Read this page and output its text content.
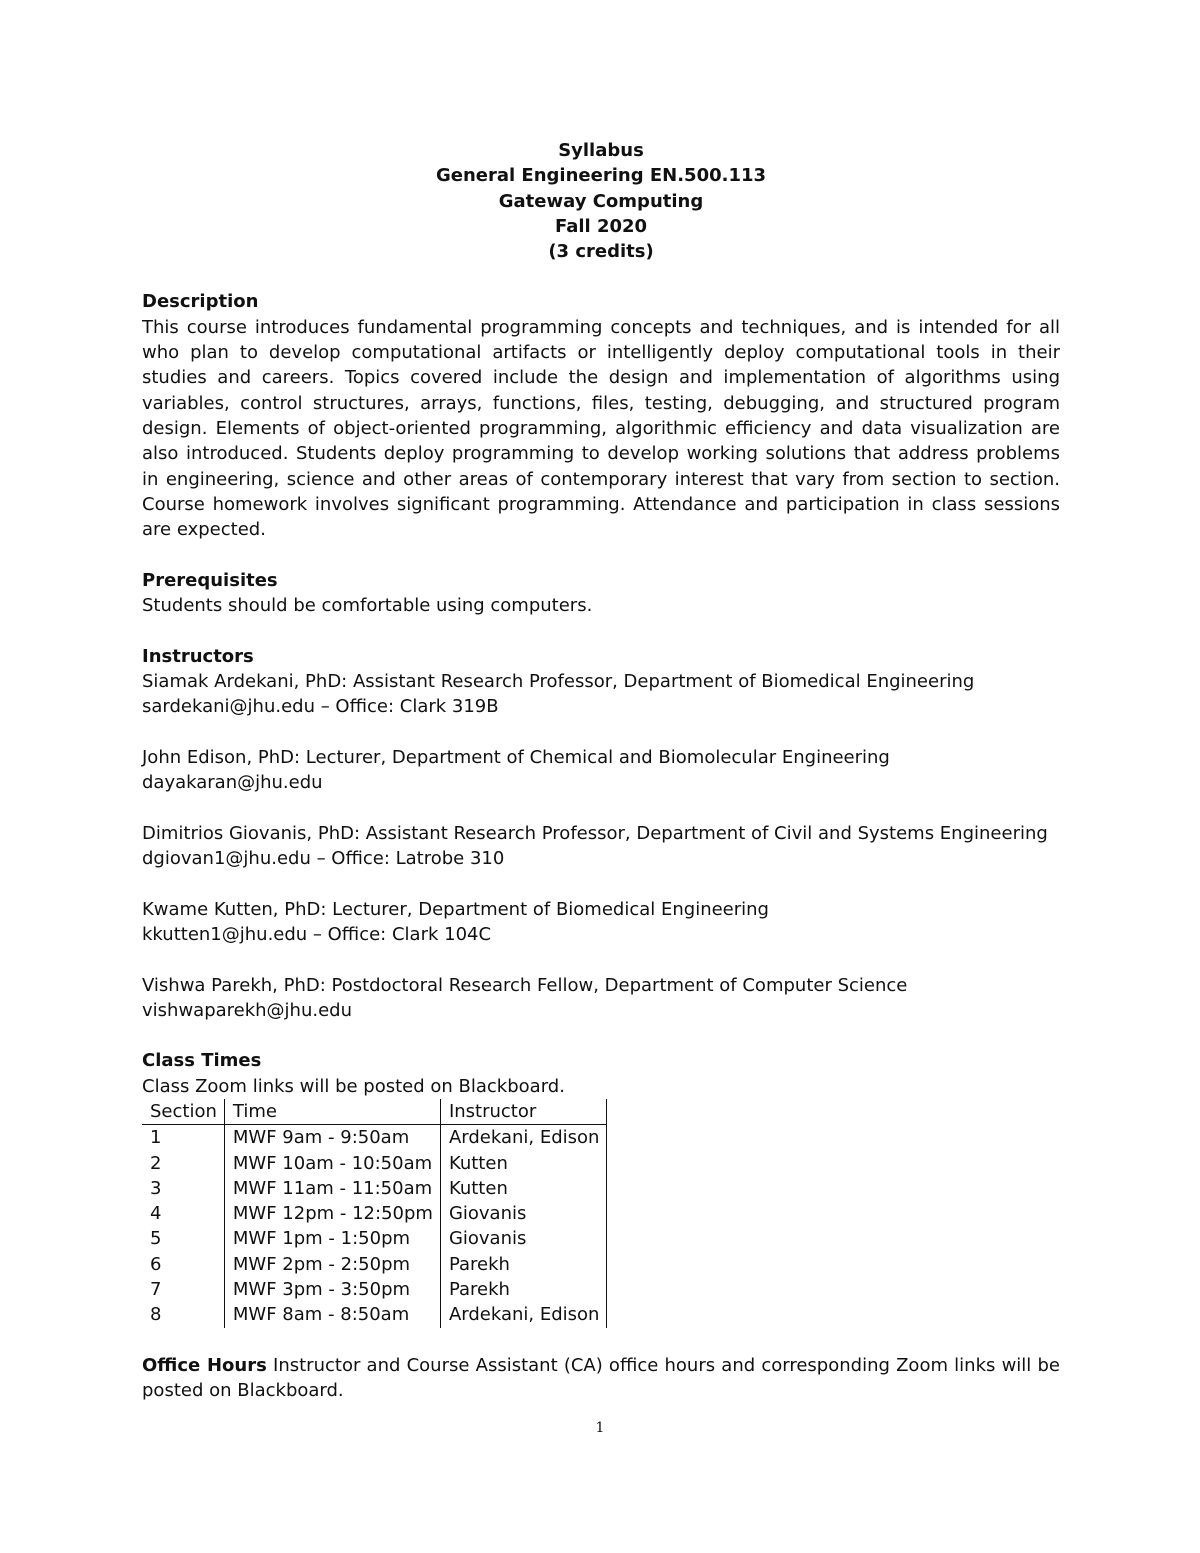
Syllabus
General Engineering EN.500.113
Gateway Computing
Fall 2020
(3 credits)
Description

This course introduces fundamental programming concepts and techniques, and is intended for all who plan to develop computational artifacts or intelligently deploy computational tools in their studies and careers. Topics covered include the design and implementation of algorithms using variables, control structures, arrays, functions, files, testing, debugging, and structured program design. Elements of object-oriented programming, algorithmic efficiency and data visualization are also introduced. Students deploy programming to develop working solutions that address problems in engineering, science and other areas of contemporary interest that vary from section to section. Course homework involves significant programming. Attendance and participation in class sessions are expected.

Prerequisites
Students should be comfortable using computers.
Instructors
Siamak Ardekani, PhD: Assistant Research Professor, Department of Biomedical Engineering
sardekani@jhu.edu – Office: Clark 319B
John Edison, PhD: Lecturer, Department of Chemical and Biomolecular Engineering
dayakaran@jhu.edu
Dimitrios Giovanis, PhD: Assistant Research Professor, Department of Civil and Systems Engineering
dgiovan1@jhu.edu – Office: Latrobe 310
Kwame Kutten, PhD: Lecturer, Department of Biomedical Engineering
kkutten1@jhu.edu – Office: Clark 104C
Vishwa Parekh, PhD: Postdoctoral Research Fellow, Department of Computer Science
vishwaparekh@jhu.edu
Class Times
Class Zoom links will be posted on Blackboard.
Section	Time	Instructor
1	MWF 9am - 9:50am	Ardekani, Edison
2	MWF 10am - 10:50am	Kutten
3	MWF 11am - 11:50am	Kutten
4	MWF 12pm - 12:50pm	Giovanis
5	MWF 1pm - 1:50pm	Giovanis
6	MWF 2pm - 2:50pm	Parekh
7	MWF 3pm - 3:50pm	Parekh
8	MWF 8am - 8:50am	Ardekani, Edison
Office Hours Instructor and Course Assistant (CA) office hours and corresponding Zoom links will be posted on Blackboard.
1
